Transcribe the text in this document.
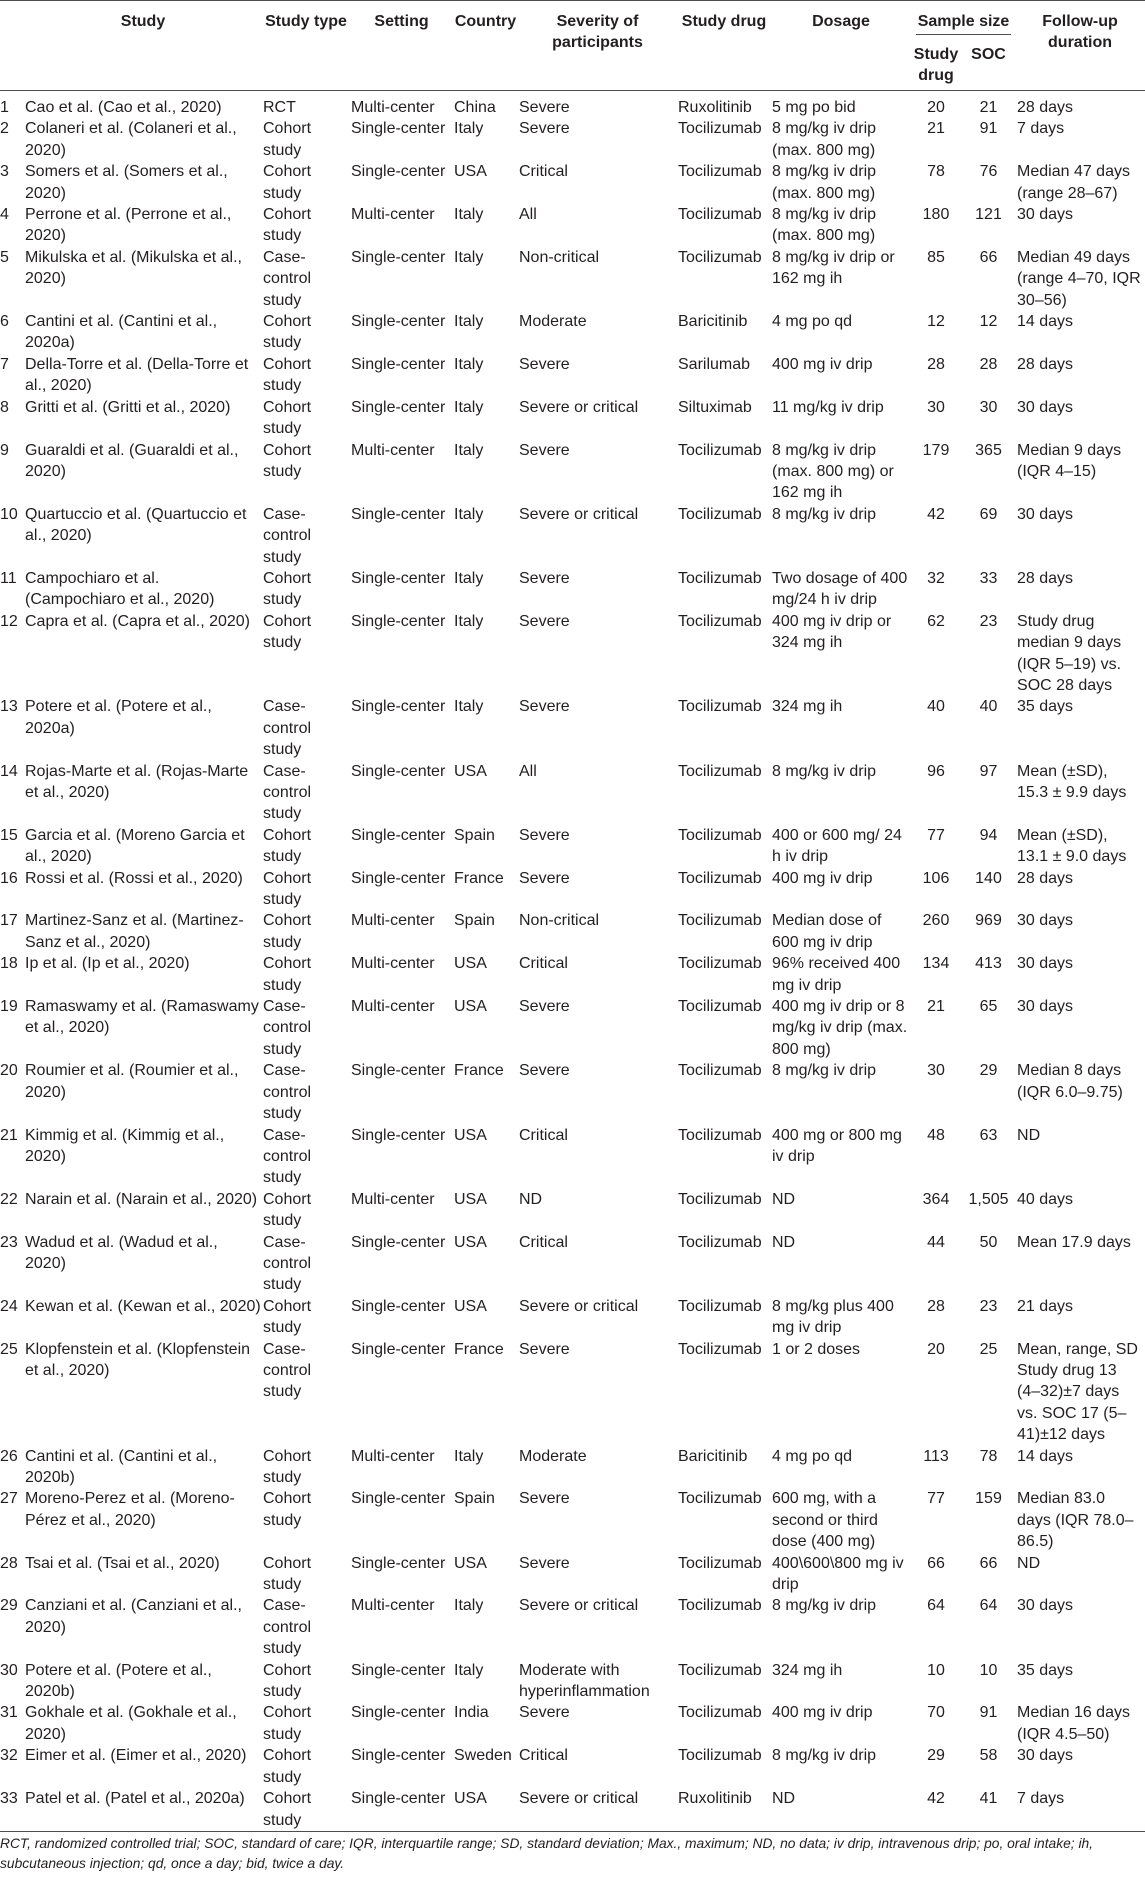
	Study	Study type	Setting	Country	Severity of participants	Study drug	Dosage	Sample size		Follow-up duration
								Study drug	SOC	
1	Cao et al. (Cao et al., 2020)	RCT	Multi-center	China	Severe	Ruxolitinib	5 mg po bid	20	21	28 days
2	Colaneri et al. (Colaneri et al., 2020)	Cohort study	Single-center	Italy	Severe	Tocilizumab	8 mg/kg iv drip (max. 800 mg)	21	91	7 days
3	Somers et al. (Somers et al., 2020)	Cohort study	Single-center	USA	Critical	Tocilizumab	8 mg/kg iv drip (max. 800 mg)	78	76	Median 47 days (range 28–67)
4	Perrone et al. (Perrone et al., 2020)	Cohort study	Multi-center	Italy	All	Tocilizumab	8 mg/kg iv drip (max. 800 mg)	180	121	30 days
5	Mikulska et al. (Mikulska et al., 2020)	Case-control study	Single-center	Italy	Non-critical	Tocilizumab	8 mg/kg iv drip or 162 mg ih	85	66	Median 49 days (range 4–70, IQR 30–56)
6	Cantini et al. (Cantini et al., 2020a)	Cohort study	Single-center	Italy	Moderate	Baricitinib	4 mg po qd	12	12	14 days
7	Della-Torre et al. (Della-Torre et al., 2020)	Cohort study	Single-center	Italy	Severe	Sarilumab	400 mg iv drip	28	28	28 days
8	Gritti et al. (Gritti et al., 2020)	Cohort study	Single-center	Italy	Severe or critical	Siltuximab	11 mg/kg iv drip	30	30	30 days
9	Guaraldi et al. (Guaraldi et al., 2020)	Cohort study	Multi-center	Italy	Severe	Tocilizumab	8 mg/kg iv drip (max. 800 mg) or 162 mg ih	179	365	Median 9 days (IQR 4–15)
10	Quartuccio et al. (Quartuccio et al., 2020)	Case-control study	Single-center	Italy	Severe or critical	Tocilizumab	8 mg/kg iv drip	42	69	30 days
11	Campochiaro et al. (Campochiaro et al., 2020)	Cohort study	Single-center	Italy	Severe	Tocilizumab	Two dosage of 400 mg/24 h iv drip	32	33	28 days
12	Capra et al. (Capra et al., 2020)	Cohort study	Single-center	Italy	Severe	Tocilizumab	400 mg iv drip or 324 mg ih	62	23	Study drug median 9 days (IQR 5–19) vs. SOC 28 days
13	Potere et al. (Potere et al., 2020a)	Case-control study	Single-center	Italy	Severe	Tocilizumab	324 mg ih	40	40	35 days
14	Rojas-Marte et al. (Rojas-Marte et al., 2020)	Case-control study	Single-center	USA	All	Tocilizumab	8 mg/kg iv drip	96	97	Mean (±SD), 15.3 ± 9.9 days
15	Garcia et al. (Moreno Garcia et al., 2020)	Cohort study	Single-center	Spain	Severe	Tocilizumab	400 or 600 mg/ 24 h iv drip	77	94	Mean (±SD), 13.1 ± 9.0 days
16	Rossi et al. (Rossi et al., 2020)	Cohort study	Single-center	France	Severe	Tocilizumab	400 mg iv drip	106	140	28 days
17	Martinez-Sanz et al. (Martinez-Sanz et al., 2020)	Cohort study	Multi-center	Spain	Non-critical	Tocilizumab	Median dose of 600 mg iv drip	260	969	30 days
18	Ip et al. (Ip et al., 2020)	Cohort study	Multi-center	USA	Critical	Tocilizumab	96% received 400 mg iv drip	134	413	30 days
19	Ramaswamy et al. (Ramaswamy et al., 2020)	Case-control study	Multi-center	USA	Severe	Tocilizumab	400 mg iv drip or 8 mg/kg iv drip (max. 800 mg)	21	65	30 days
20	Roumier et al. (Roumier et al., 2020)	Case-control study	Single-center	France	Severe	Tocilizumab	8 mg/kg iv drip	30	29	Median 8 days (IQR 6.0–9.75)
21	Kimmig et al. (Kimmig et al., 2020)	Case-control study	Single-center	USA	Critical	Tocilizumab	400 mg or 800 mg iv drip	48	63	ND
22	Narain et al. (Narain et al., 2020)	Cohort study	Multi-center	USA	ND	Tocilizumab	ND	364	1,505	40 days
23	Wadud et al. (Wadud et al., 2020)	Case-control study	Single-center	USA	Critical	Tocilizumab	ND	44	50	Mean 17.9 days
24	Kewan et al. (Kewan et al., 2020)	Cohort study	Single-center	USA	Severe or critical	Tocilizumab	8 mg/kg plus 400 mg iv drip	28	23	21 days
25	Klopfenstein et al. (Klopfenstein et al., 2020)	Case-control study	Single-center	France	Severe	Tocilizumab	1 or 2 doses	20	25	Mean, range, SD Study drug 13 (4–32)±7 days vs. SOC 17 (5–41)±12 days
26	Cantini et al. (Cantini et al., 2020b)	Cohort study	Multi-center	Italy	Moderate	Baricitinib	4 mg po qd	113	78	14 days
27	Moreno-Perez et al. (Moreno-Pérez et al., 2020)	Cohort study	Single-center	Spain	Severe	Tocilizumab	600 mg, with a second or third dose (400 mg)	77	159	Median 83.0 days (IQR 78.0–86.5)
28	Tsai et al. (Tsai et al., 2020)	Cohort study	Single-center	USA	Severe	Tocilizumab	400\600\800 mg iv drip	66	66	ND
29	Canziani et al. (Canziani et al., 2020)	Case-control study	Multi-center	Italy	Severe or critical	Tocilizumab	8 mg/kg iv drip	64	64	30 days
30	Potere et al. (Potere et al., 2020b)	Cohort study	Single-center	Italy	Moderate with hyperinflammation	Tocilizumab	324 mg ih	10	10	35 days
31	Gokhale et al. (Gokhale et al., 2020)	Cohort study	Single-center	India	Severe	Tocilizumab	400 mg iv drip	70	91	Median 16 days (IQR 4.5–50)
32	Eimer et al. (Eimer et al., 2020)	Cohort study	Single-center	Sweden	Critical	Tocilizumab	8 mg/kg iv drip	29	58	30 days
33	Patel et al. (Patel et al., 2020a)	Cohort study	Single-center	USA	Severe or critical	Ruxolitinib	ND	42	41	7 days
RCT, randomized controlled trial; SOC, standard of care; IQR, interquartile range; SD, standard deviation; Max., maximum; ND, no data; iv drip, intravenous drip; po, oral intake; ih, subcutaneous injection; qd, once a day; bid, twice a day.
